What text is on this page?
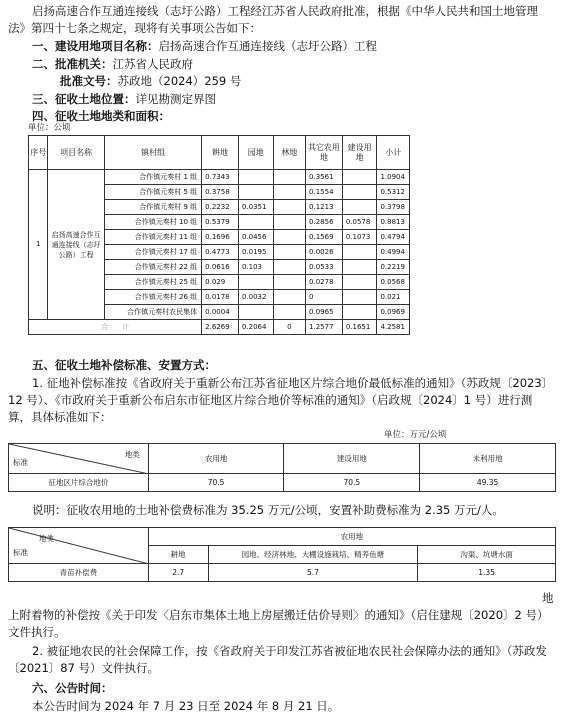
启扬高速合作互通连接线（志圩公路）工程经江苏省人民政府批准，根据《中华人民共和国土地管理法》第四十七条之规定，现将有关事项公告如下：
一、建设用地项目名称：启扬高速合作互通连接线（志圩公路）工程
二、批准机关：江苏省人民政府
批准文号：苏政地（2024）259 号
三、征收土地位置：详见勘测定界图
四、征收土地地类和面积：
单位：公顷
序号	项目名称	镇村组	耕地	园地	林地	其它农用地	建设用地	小计
1	启扬高速合作互通连接线（志圩公路）工程	合作镇元奏村 1 组	0.7343			0.3561		1.0904
		合作镇元奏村 5 组	0.3758			0.1554		0.5312
		合作镇元奏村 9 组	0.2232	0.0351		0.1213		0.3798
		合作镇元奏村 10 组	0.5379			0.2856	0.0578	0.8813
		合作镇元奏村 11 组	0.1696	0.0456		0.1569	0.1073	0.4794
		合作镇元奏村 17 组	0.4773	0.0195		0.0026		0.4994
		合作镇元奏村 22 组	0.0616	0.103		0.0533		0.2219
		合作镇元奏村 25 组	0.029			0.0278		0.0568
		合作镇元奏村 26 组	0.0178	0.0032		0		0.021
		合作镇元奏村农民集体	0.0004			0.0965		0.0969
合　　计			2.6269	0.2064	0	1.2577	0.1651	4.2581
五、征收土地补偿标准、安置方式：
1. 征地补偿标准按《省政府关于重新公布江苏省征地区片综合地价最低标准的通知》（苏政规〔2023〕12 号）、《市政府关于重新公布启东市征地区片综合地价等标准的通知》（启政规〔2024〕1 号）进行测算，具体标准如下：
单位：万元/公顷
地类
标准	农用地	建设用地	未利用地
征地区片综合地价	70.5	70.5	49.35
说明：征收农用地的土地补偿费标准为 35.25 万元/公顷，安置补助费标准为 2.35 万元/人。
地类
标准	农用地		
	耕地	园地、经济林地、大棚设施栽培、精养鱼塘	沟渠、坑塘水面
青苗补偿费	2.7	5.7	1.35
地
上附着物的补偿按《关于印发〈启东市集体土地上房屋搬迁估价导则〉的通知》（启住建规〔2020〕2 号）文件执行。
2. 被征地农民的社会保障工作，按《省政府关于印发江苏省被征地农民社会保障办法的通知》（苏政发〔2021〕87 号）文件执行。
六、公告时间：
本公告时间为 2024 年 7 月 23 日至 2024 年 8 月 21 日。
